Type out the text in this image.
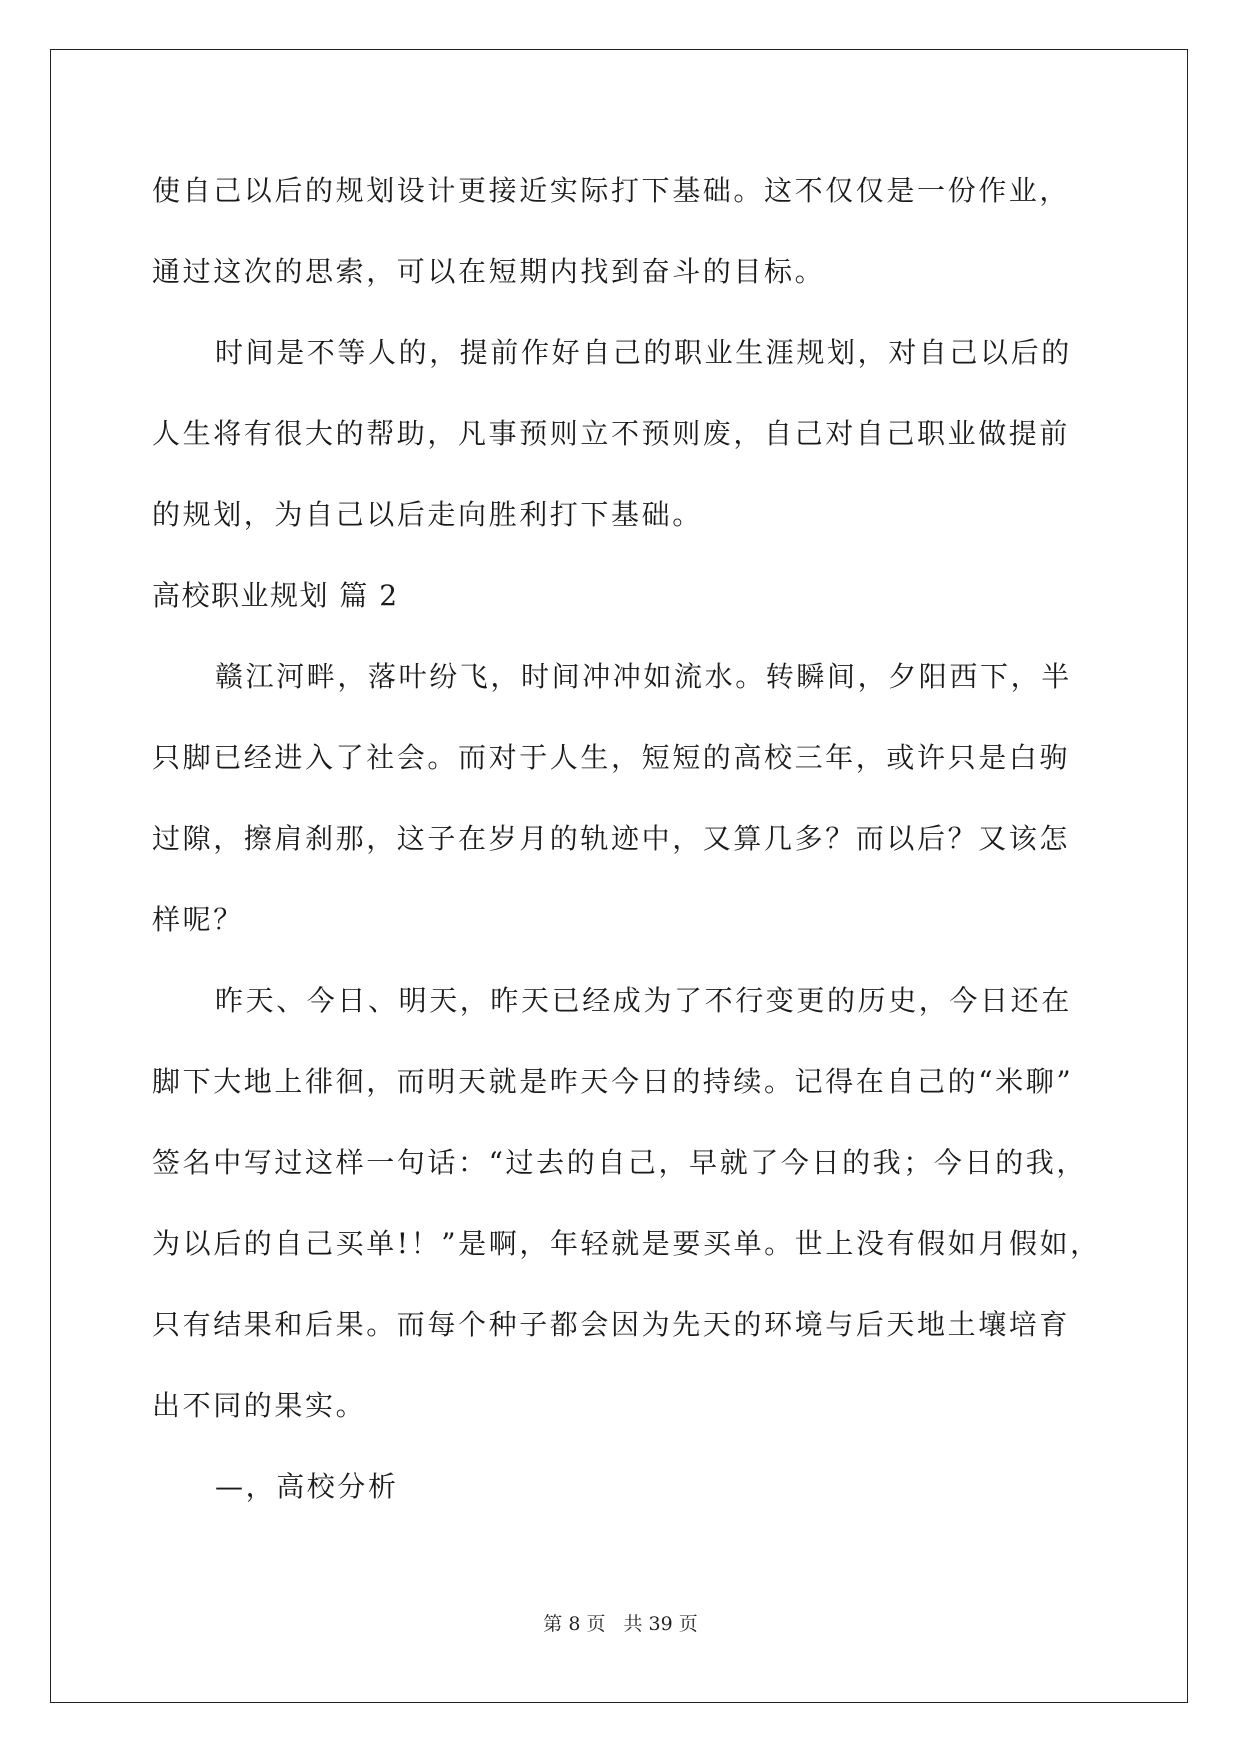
使自己以后的规划设计更接近实际打下基础。这不仅仅是一份作业，
通过这次的思索，可以在短期内找到奋斗的目标。
时间是不等人的，提前作好自己的职业生涯规划，对自己以后的
人生将有很大的帮助，凡事预则立不预则废，自己对自己职业做提前
的规划，为自己以后走向胜利打下基础。
高校职业规划 篇 2
赣江河畔，落叶纷飞，时间冲冲如流水。转瞬间，夕阳西下，半
只脚已经进入了社会。而对于人生，短短的高校三年，或许只是白驹
过隙，擦肩刹那，这子在岁月的轨迹中，又算几多？而以后？又该怎
样呢？
昨天、今日、明天，昨天已经成为了不行变更的历史，今日还在
脚下大地上徘徊，而明天就是昨天今日的持续。记得在自己的“米聊”
签名中写过这样一句话：“过去的自己，早就了今日的我；今日的我，
为以后的自己买单!！”是啊，年轻就是要买单。世上没有假如月假如，
只有结果和后果。而每个种子都会因为先天的环境与后天地土壤培育
出不同的果实。
—，高校分析
第 8 页 共 39 页
